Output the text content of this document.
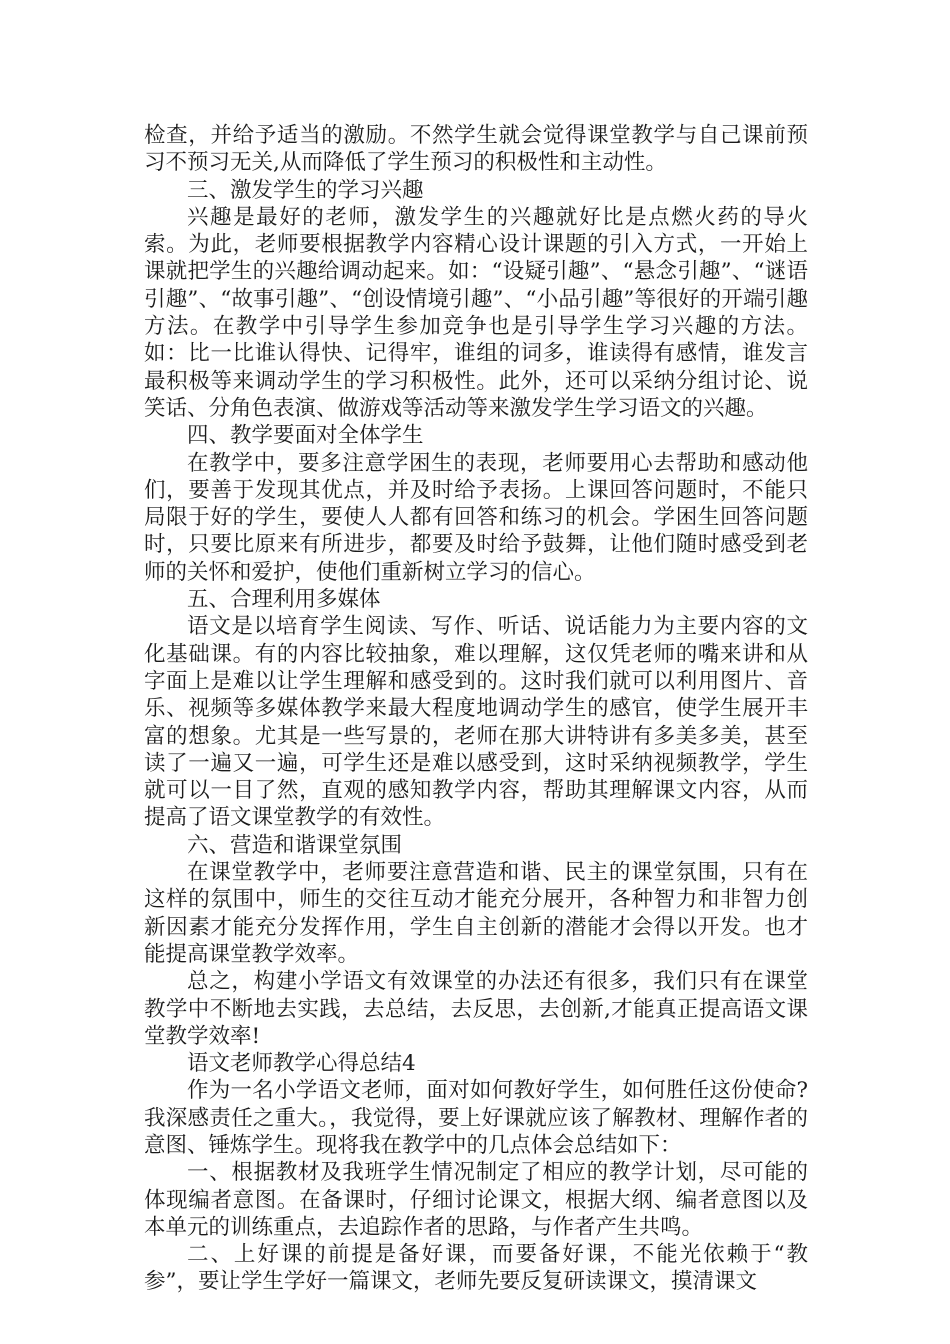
检查，并给予适当的激励。不然学生就会觉得课堂教学与自己课前预习不预习无关,从而降低了学生预习的积极性和主动性。

三、激发学生的学习兴趣

兴趣是最好的老师，激发学生的兴趣就好比是点燃火药的导火索。为此，老师要根据教学内容精心设计课题的引入方式，一开始上课就把学生的兴趣给调动起来。如：“设疑引趣”、“悬念引趣”、“谜语引趣”、“故事引趣”、“创设情境引趣”、“小品引趣”等很好的开端引趣方法。在教学中引导学生参加竞争也是引导学生学习兴趣的方法。如：比一比谁认得快、记得牢，谁组的词多，谁读得有感情，谁发言最积极等来调动学生的学习积极性。此外，还可以采纳分组讨论、说笑话、分角色表演、做游戏等活动等来激发学生学习语文的兴趣。

四、教学要面对全体学生

在教学中，要多注意学困生的表现，老师要用心去帮助和感动他们，要善于发现其优点，并及时给予表扬。上课回答问题时，不能只局限于好的学生，要使人人都有回答和练习的机会。学困生回答问题时，只要比原来有所进步，都要及时给予鼓舞，让他们随时感受到老师的关怀和爱护，使他们重新树立学习的信心。

五、合理利用多媒体

语文是以培育学生阅读、写作、听话、说话能力为主要内容的文化基础课。有的内容比较抽象，难以理解，这仅凭老师的嘴来讲和从字面上是难以让学生理解和感受到的。这时我们就可以利用图片、音乐、视频等多媒体教学来最大程度地调动学生的感官，使学生展开丰富的想象。尤其是一些写景的，老师在那大讲特讲有多美多美，甚至读了一遍又一遍，可学生还是难以感受到，这时采纳视频教学，学生就可以一目了然，直观的感知教学内容，帮助其理解课文内容，从而提高了语文课堂教学的有效性。

六、营造和谐课堂氛围

在课堂教学中，老师要注意营造和谐、民主的课堂氛围，只有在这样的氛围中，师生的交往互动才能充分展开，各种智力和非智力创新因素才能充分发挥作用，学生自主创新的潜能才会得以开发。也才能提高课堂教学效率。

总之，构建小学语文有效课堂的办法还有很多，我们只有在课堂教学中不断地去实践，去总结，去反思，去创新,才能真正提高语文课堂教学效率!

语文老师教学心得总结4

作为一名小学语文老师，面对如何教好学生，如何胜任这份使命?我深感责任之重大。，我觉得，要上好课就应该了解教材、理解作者的意图、锤炼学生。现将我在教学中的几点体会总结如下：

一、根据教材及我班学生情况制定了相应的教学计划，尽可能的体现编者意图。在备课时，仔细讨论课文，根据大纲、编者意图以及本单元的训练重点，去追踪作者的思路，与作者产生共鸣。

二、上好课的前提是备好课，而要备好课，不能光依赖于“教参”，要让学生学好一篇课文，老师先要反复研读课文，摸清课文
